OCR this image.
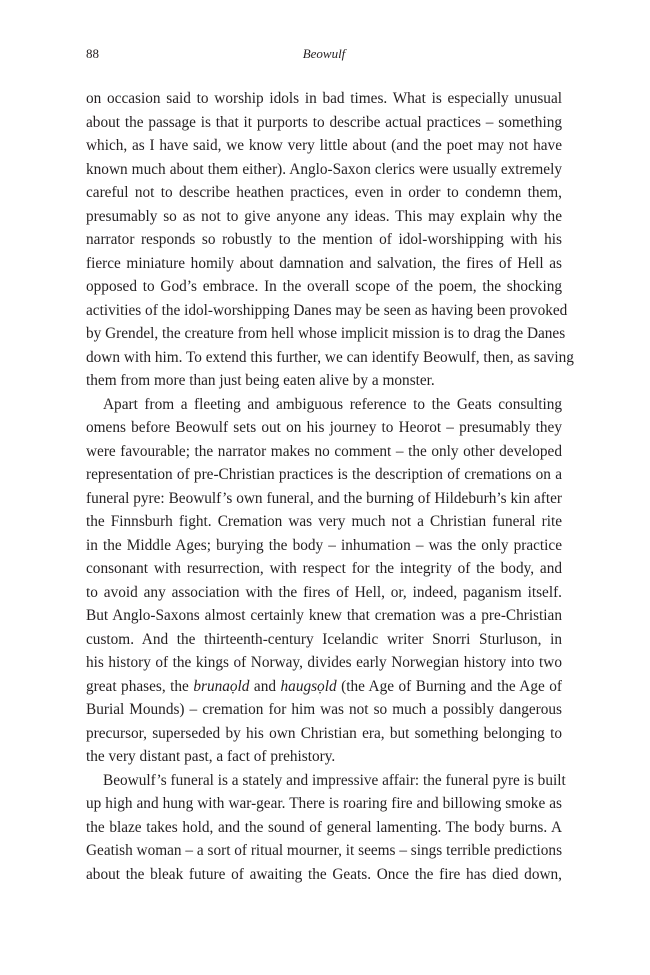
88	Beowulf
on occasion said to worship idols in bad times. What is especially unusual
about the passage is that it purports to describe actual practices – something
which, as I have said, we know very little about (and the poet may not have
known much about them either). Anglo-Saxon clerics were usually extremely
careful not to describe heathen practices, even in order to condemn them,
presumably so as not to give anyone any ideas. This may explain why the
narrator responds so robustly to the mention of idol-worshipping with his
fierce miniature homily about damnation and salvation, the fires of Hell as
opposed to God’s embrace. In the overall scope of the poem, the shocking
activities of the idol-worshipping Danes may be seen as having been provoked
by Grendel, the creature from hell whose implicit mission is to drag the Danes
down with him. To extend this further, we can identify Beowulf, then, as saving
them from more than just being eaten alive by a monster.
Apart from a fleeting and ambiguous reference to the Geats consulting
omens before Beowulf sets out on his journey to Heorot – presumably they
were favourable; the narrator makes no comment – the only other developed
representation of pre-Christian practices is the description of cremations on a
funeral pyre: Beowulf’s own funeral, and the burning of Hildeburh’s kin after
the Finnsburh fight. Cremation was very much not a Christian funeral rite
in the Middle Ages; burying the body – inhumation – was the only practice
consonant with resurrection, with respect for the integrity of the body, and
to avoid any association with the fires of Hell, or, indeed, paganism itself.
But Anglo-Saxons almost certainly knew that cremation was a pre-Christian
custom. And the thirteenth-century Icelandic writer Snorri Sturluson, in
his history of the kings of Norway, divides early Norwegian history into two
great phases, the brunaọld and haugsọld (the Age of Burning and the Age of
Burial Mounds) – cremation for him was not so much a possibly dangerous
precursor, superseded by his own Christian era, but something belonging to
the very distant past, a fact of prehistory.
Beowulf’s funeral is a stately and impressive affair: the funeral pyre is built
up high and hung with war-gear. There is roaring fire and billowing smoke as
the blaze takes hold, and the sound of general lamenting. The body burns. A
Geatish woman – a sort of ritual mourner, it seems – sings terrible predictions
about the bleak future of awaiting the Geats. Once the fire has died down,
